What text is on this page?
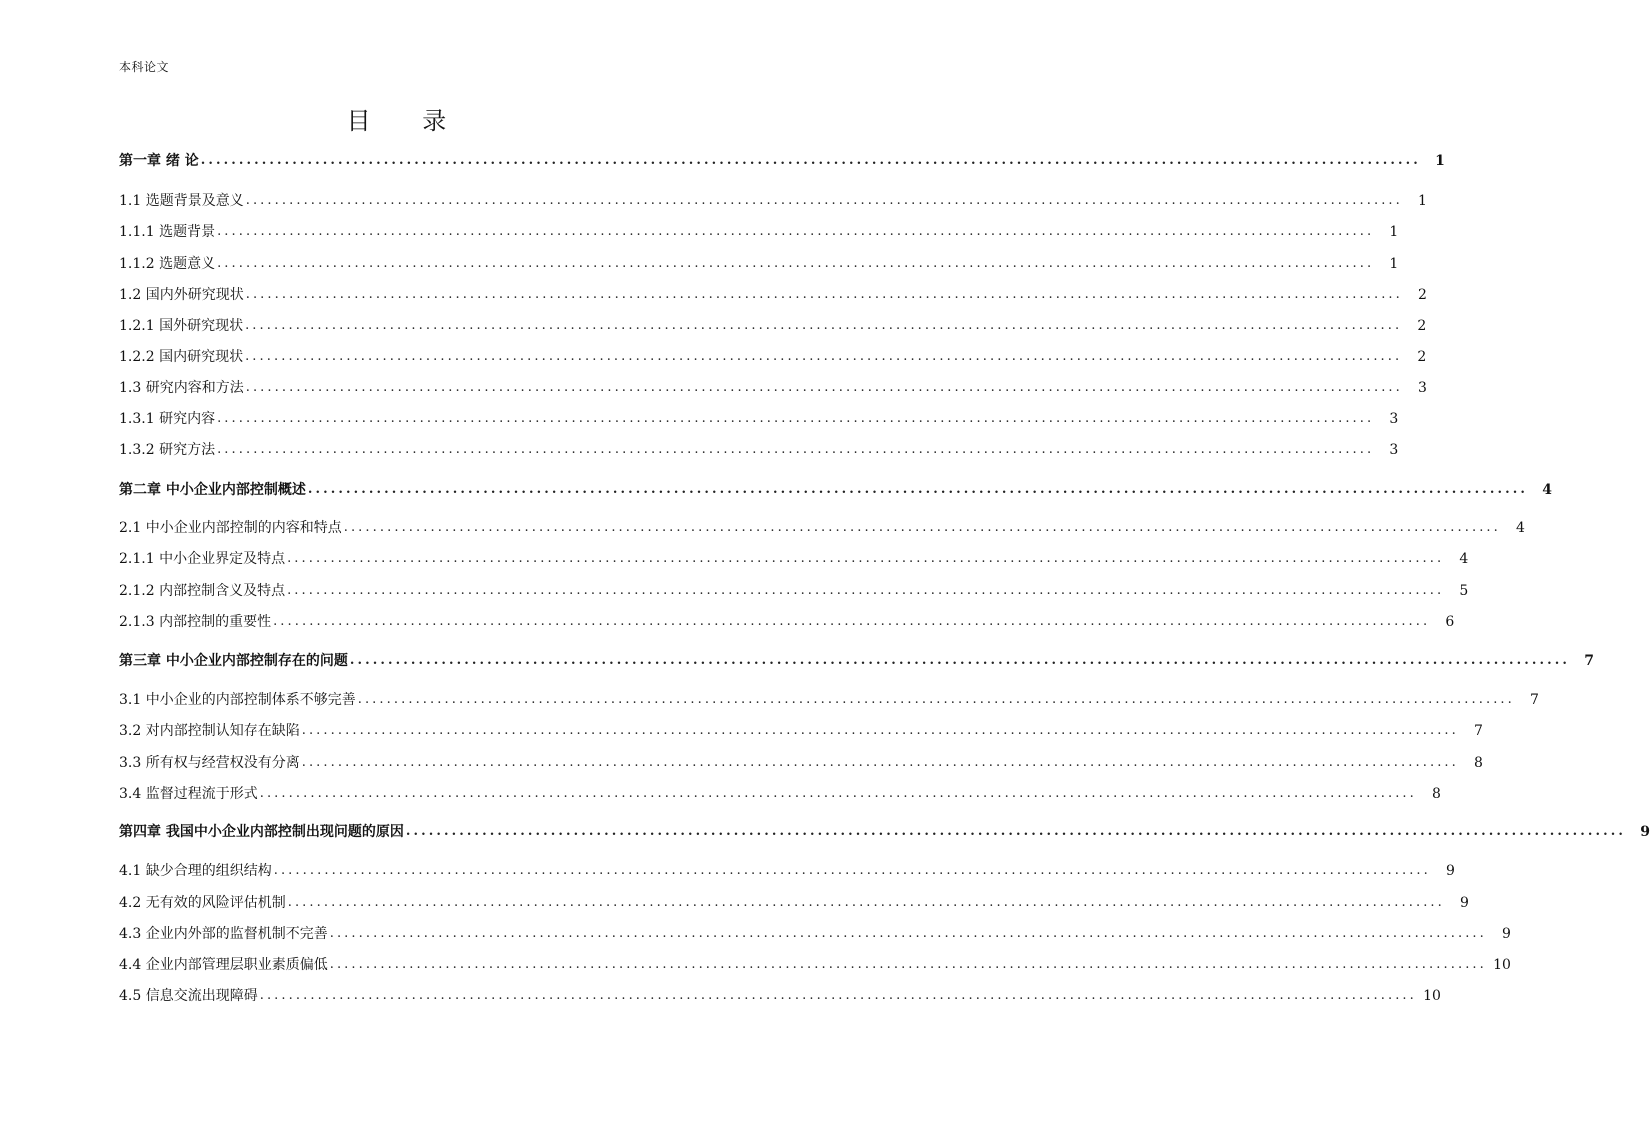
本科论文
目 录
第一章 绪 论 ................................................................................................................................................................	1
1.1 选题背景及意义 ................................................................................................................................................................	1
1.1.1 选题背景 ................................................................................................................................................................	1
1.1.2 选题意义 ................................................................................................................................................................	1
1.2 国内外研究现状 ................................................................................................................................................................	2
1.2.1 国外研究现状 ................................................................................................................................................................	2
1.2.2 国内研究现状 ................................................................................................................................................................	2
1.3 研究内容和方法 ................................................................................................................................................................	3
1.3.1 研究内容 ................................................................................................................................................................	3
1.3.2 研究方法 ................................................................................................................................................................	3
第二章 中小企业内部控制概述 ................................................................................................................................................................	4
2.1 中小企业内部控制的内容和特点 ................................................................................................................................................................	4
2.1.1 中小企业界定及特点 ................................................................................................................................................................	4
2.1.2 内部控制含义及特点 ................................................................................................................................................................	5
2.1.3 内部控制的重要性 ................................................................................................................................................................	6
第三章 中小企业内部控制存在的问题 ................................................................................................................................................................	7
3.1 中小企业的内部控制体系不够完善 ................................................................................................................................................................	7
3.2 对内部控制认知存在缺陷 ................................................................................................................................................................	7
3.3 所有权与经营权没有分离 ................................................................................................................................................................	8
3.4 监督过程流于形式 ................................................................................................................................................................	8
第四章 我国中小企业内部控制出现问题的原因 ................................................................................................................................................................	9
4.1 缺少合理的组织结构 ................................................................................................................................................................	9
4.2 无有效的风险评估机制 ................................................................................................................................................................	9
4.3 企业内外部的监督机制不完善 ................................................................................................................................................................	9
4.4 企业内部管理层职业素质偏低 ................................................................................................................................................................ 10
4.5 信息交流出现障碍 ................................................................................................................................................................ 10
